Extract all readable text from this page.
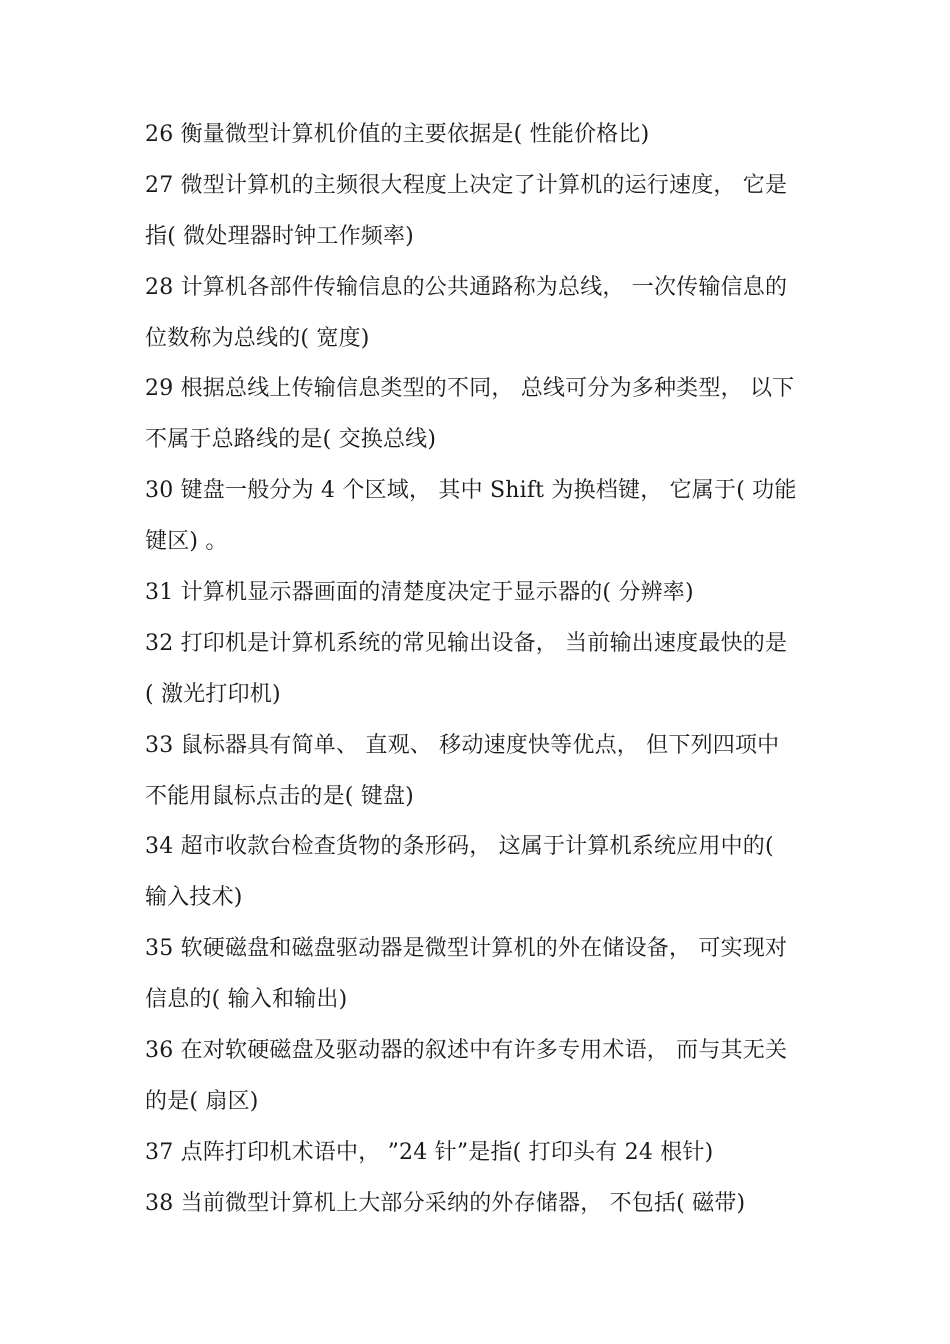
26 衡量微型计算机价值的主要依据是( 性能价格比)
27 微型计算机的主频很大程度上决定了计算机的运行速度， 它是
指( 微处理器时钟工作频率)
28 计算机各部件传输信息的公共通路称为总线， 一次传输信息的
位数称为总线的( 宽度)
29 根据总线上传输信息类型的不同， 总线可分为多种类型， 以下
不属于总路线的是( 交换总线)
30 键盘一般分为 4 个区域， 其中 Shift 为换档键， 它属于( 功能
键区) 。
31 计算机显示器画面的清楚度决定于显示器的( 分辨率)
32 打印机是计算机系统的常见输出设备， 当前输出速度最快的是
( 激光打印机)
33 鼠标器具有简单、 直观、 移动速度快等优点， 但下列四项中
不能用鼠标点击的是( 键盘)
34 超市收款台检查货物的条形码， 这属于计算机系统应用中的(
输入技术)
35 软硬磁盘和磁盘驱动器是微型计算机的外在储设备， 可实现对
信息的( 输入和输出)
36 在对软硬磁盘及驱动器的叙述中有许多专用术语， 而与其无关
的是( 扇区)
37 点阵打印机术语中， ”24 针”是指( 打印头有 24 根针)
38 当前微型计算机上大部分采纳的外存储器， 不包括( 磁带)
